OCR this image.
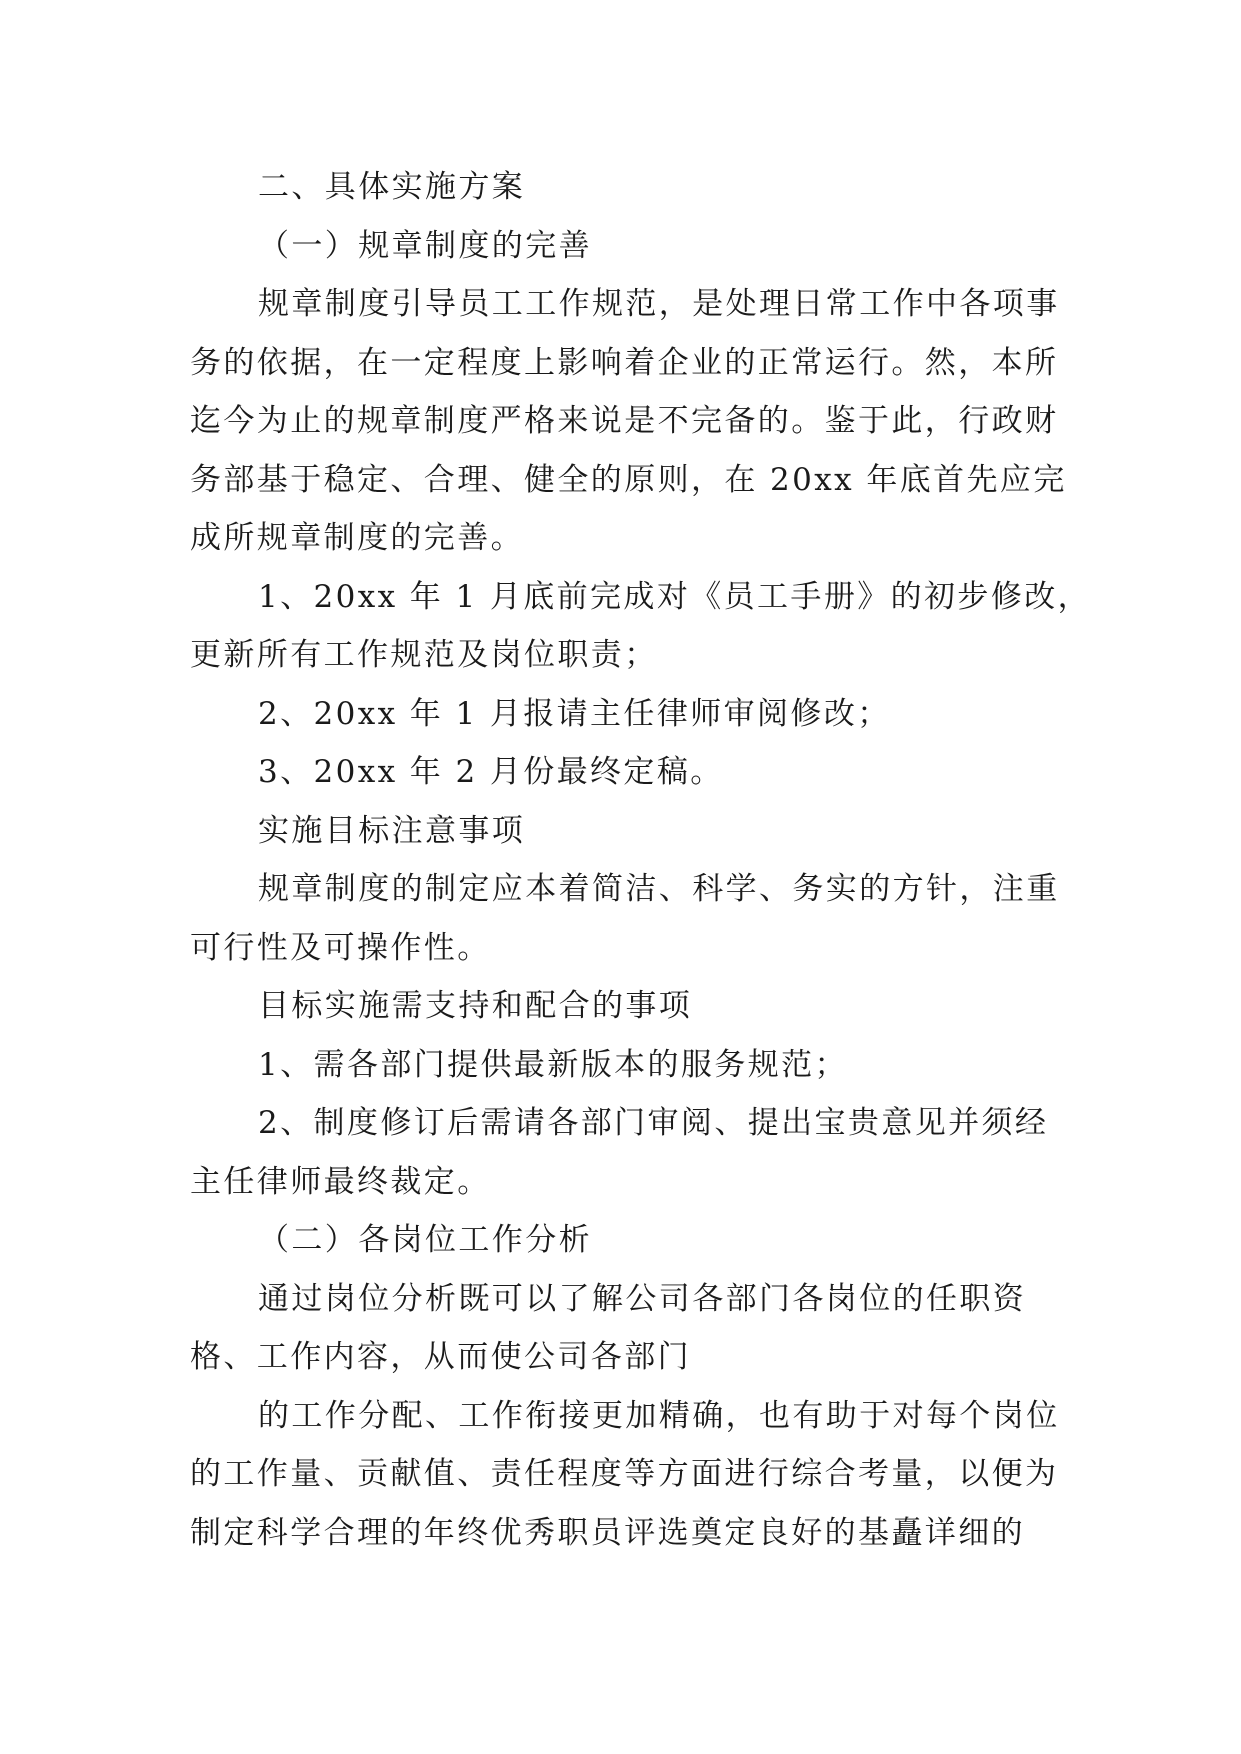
二、具体实施方案
（一）规章制度的完善
规章制度引导员工工作规范，是处理日常工作中各项事
务的依据，在一定程度上影响着企业的正常运行。然，本所
迄今为止的规章制度严格来说是不完备的。鉴于此，行政财
务部基于稳定、合理、健全的原则，在 20xx 年底首先应完
成所规章制度的完善。
1、20xx 年 1 月底前完成对《员工手册》的初步修改，
更新所有工作规范及岗位职责；
2、20xx 年 1 月报请主任律师审阅修改；
3、20xx 年 2 月份最终定稿。
实施目标注意事项
规章制度的制定应本着简洁、科学、务实的方针，注重
可行性及可操作性。
目标实施需支持和配合的事项
1、需各部门提供最新版本的服务规范；
2、制度修订后需请各部门审阅、提出宝贵意见并须经
主任律师最终裁定。
（二）各岗位工作分析
通过岗位分析既可以了解公司各部门各岗位的任职资
格、工作内容，从而使公司各部门
的工作分配、工作衔接更加精确，也有助于对每个岗位
的工作量、贡献值、责任程度等方面进行综合考量，以便为
制定科学合理的年终优秀职员评选奠定良好的基矗详细的
